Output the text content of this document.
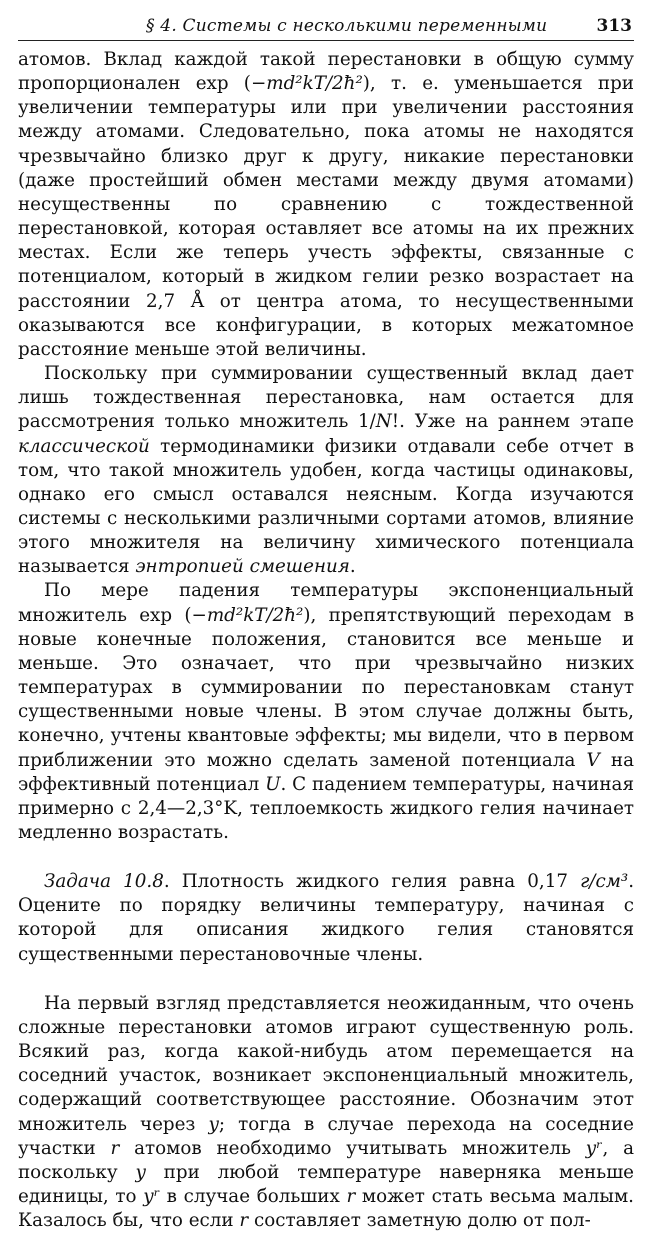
§ 4. Системы с несколькими переменными	313

атомов. Вклад каждой такой перестановки в общую сумму пропорционален exp (−md²kT/2ħ²), т. е. уменьшается при увеличении температуры или при увеличении расстояния между атомами. Следовательно, пока атомы не находятся чрезвычайно близко друг к другу, никакие перестановки (даже простейший обмен местами между двумя атомами) несущественны по сравнению с тождественной перестановкой, которая оставляет все атомы на их прежних местах. Если же теперь учесть эффекты, связанные с потенциалом, который в жидком гелии резко возрастает на расстоянии 2,7 Å от центра атома, то несущественными оказываются все конфигурации, в которых межатомное расстояние меньше этой величины.

Поскольку при суммировании существенный вклад дает лишь тождественная перестановка, нам остается для рассмотрения только множитель 1/N!. Уже на раннем этапе классической термодинамики физики отдавали себе отчет в том, что такой множитель удобен, когда частицы одинаковы, однако его смысл оставался неясным. Когда изучаются системы с несколькими различными сортами атомов, влияние этого множителя на величину химического потенциала называется энтропией смешения.

По мере падения температуры экспоненциальный множитель exp (−md²kT/2ħ²), препятствующий переходам в новые конечные положения, становится все меньше и меньше. Это означает, что при чрезвычайно низких температурах в суммировании по перестановкам станут существенными новые члены. В этом случае должны быть, конечно, учтены квантовые эффекты; мы видели, что в первом приближении это можно сделать заменой потенциала V на эффективный потенциал U. С падением температуры, начиная примерно с 2,4—2,3°K, теплоемкость жидкого гелия начинает медленно возрастать.

Задача 10.8. Плотность жидкого гелия равна 0,17 г/см³. Оцените по порядку величины температуру, начиная с которой для описания жидкого гелия становятся существенными перестановочные члены.

На первый взгляд представляется неожиданным, что очень сложные перестановки атомов играют существенную роль. Всякий раз, когда какой-нибудь атом перемещается на соседний участок, возникает экспоненциальный множитель, содержащий соответствующее расстояние. Обозначим этот множитель через y; тогда в случае перехода на соседние участки r атомов необходимо учитывать множитель yʳ, а поскольку y при любой температуре наверняка меньше единицы, то yʳ в случае больших r может стать весьма малым. Казалось бы, что если r составляет заметную долю от пол-
